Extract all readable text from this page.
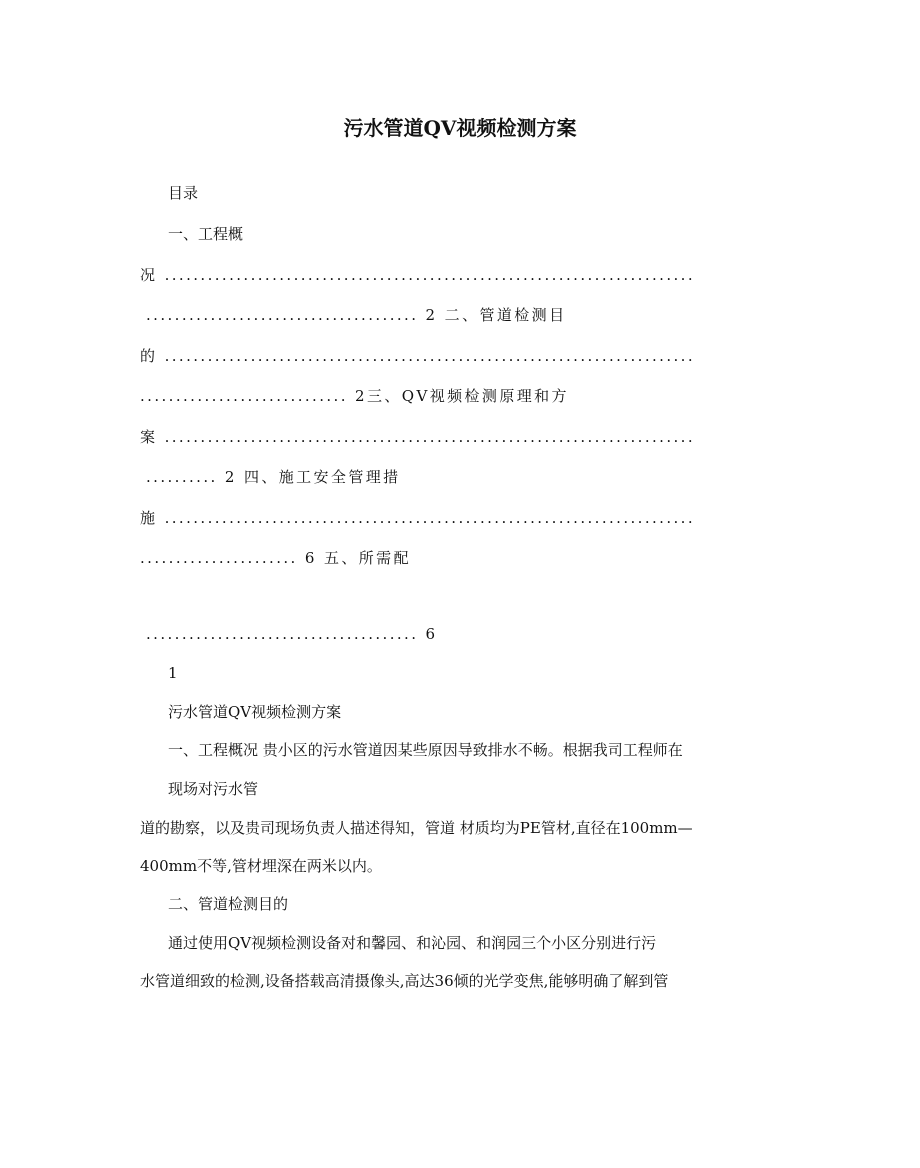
污水管道QV视频检测方案
目录
一、工程概
况 ..........................................................................
...................................... 2 二、管道检测目
的 ..........................................................................
............................. 2三、QV视频检测原理和方
案 ..........................................................................
.......... 2 四、施工安全管理措
施 ..........................................................................
...................... 6 五、所需配
...................................... 6
1
污水管道QV视频检测方案
一、工程概况 贵小区的污水管道因某些原因导致排水不畅。根据我司工程师在
现场对污水管
道的勘察，以及贵司现场负责人描述得知，管道 材质均为PE管材,直径在100mm—
400mm不等,管材埋深在两米以内。
二、管道检测目的
通过使用QV视频检测设备对和馨园、和沁园、和润园三个小区分别进行污
水管道细致的检测,设备搭载高清摄像头,高达36倾的光学变焦,能够明确了解到管
